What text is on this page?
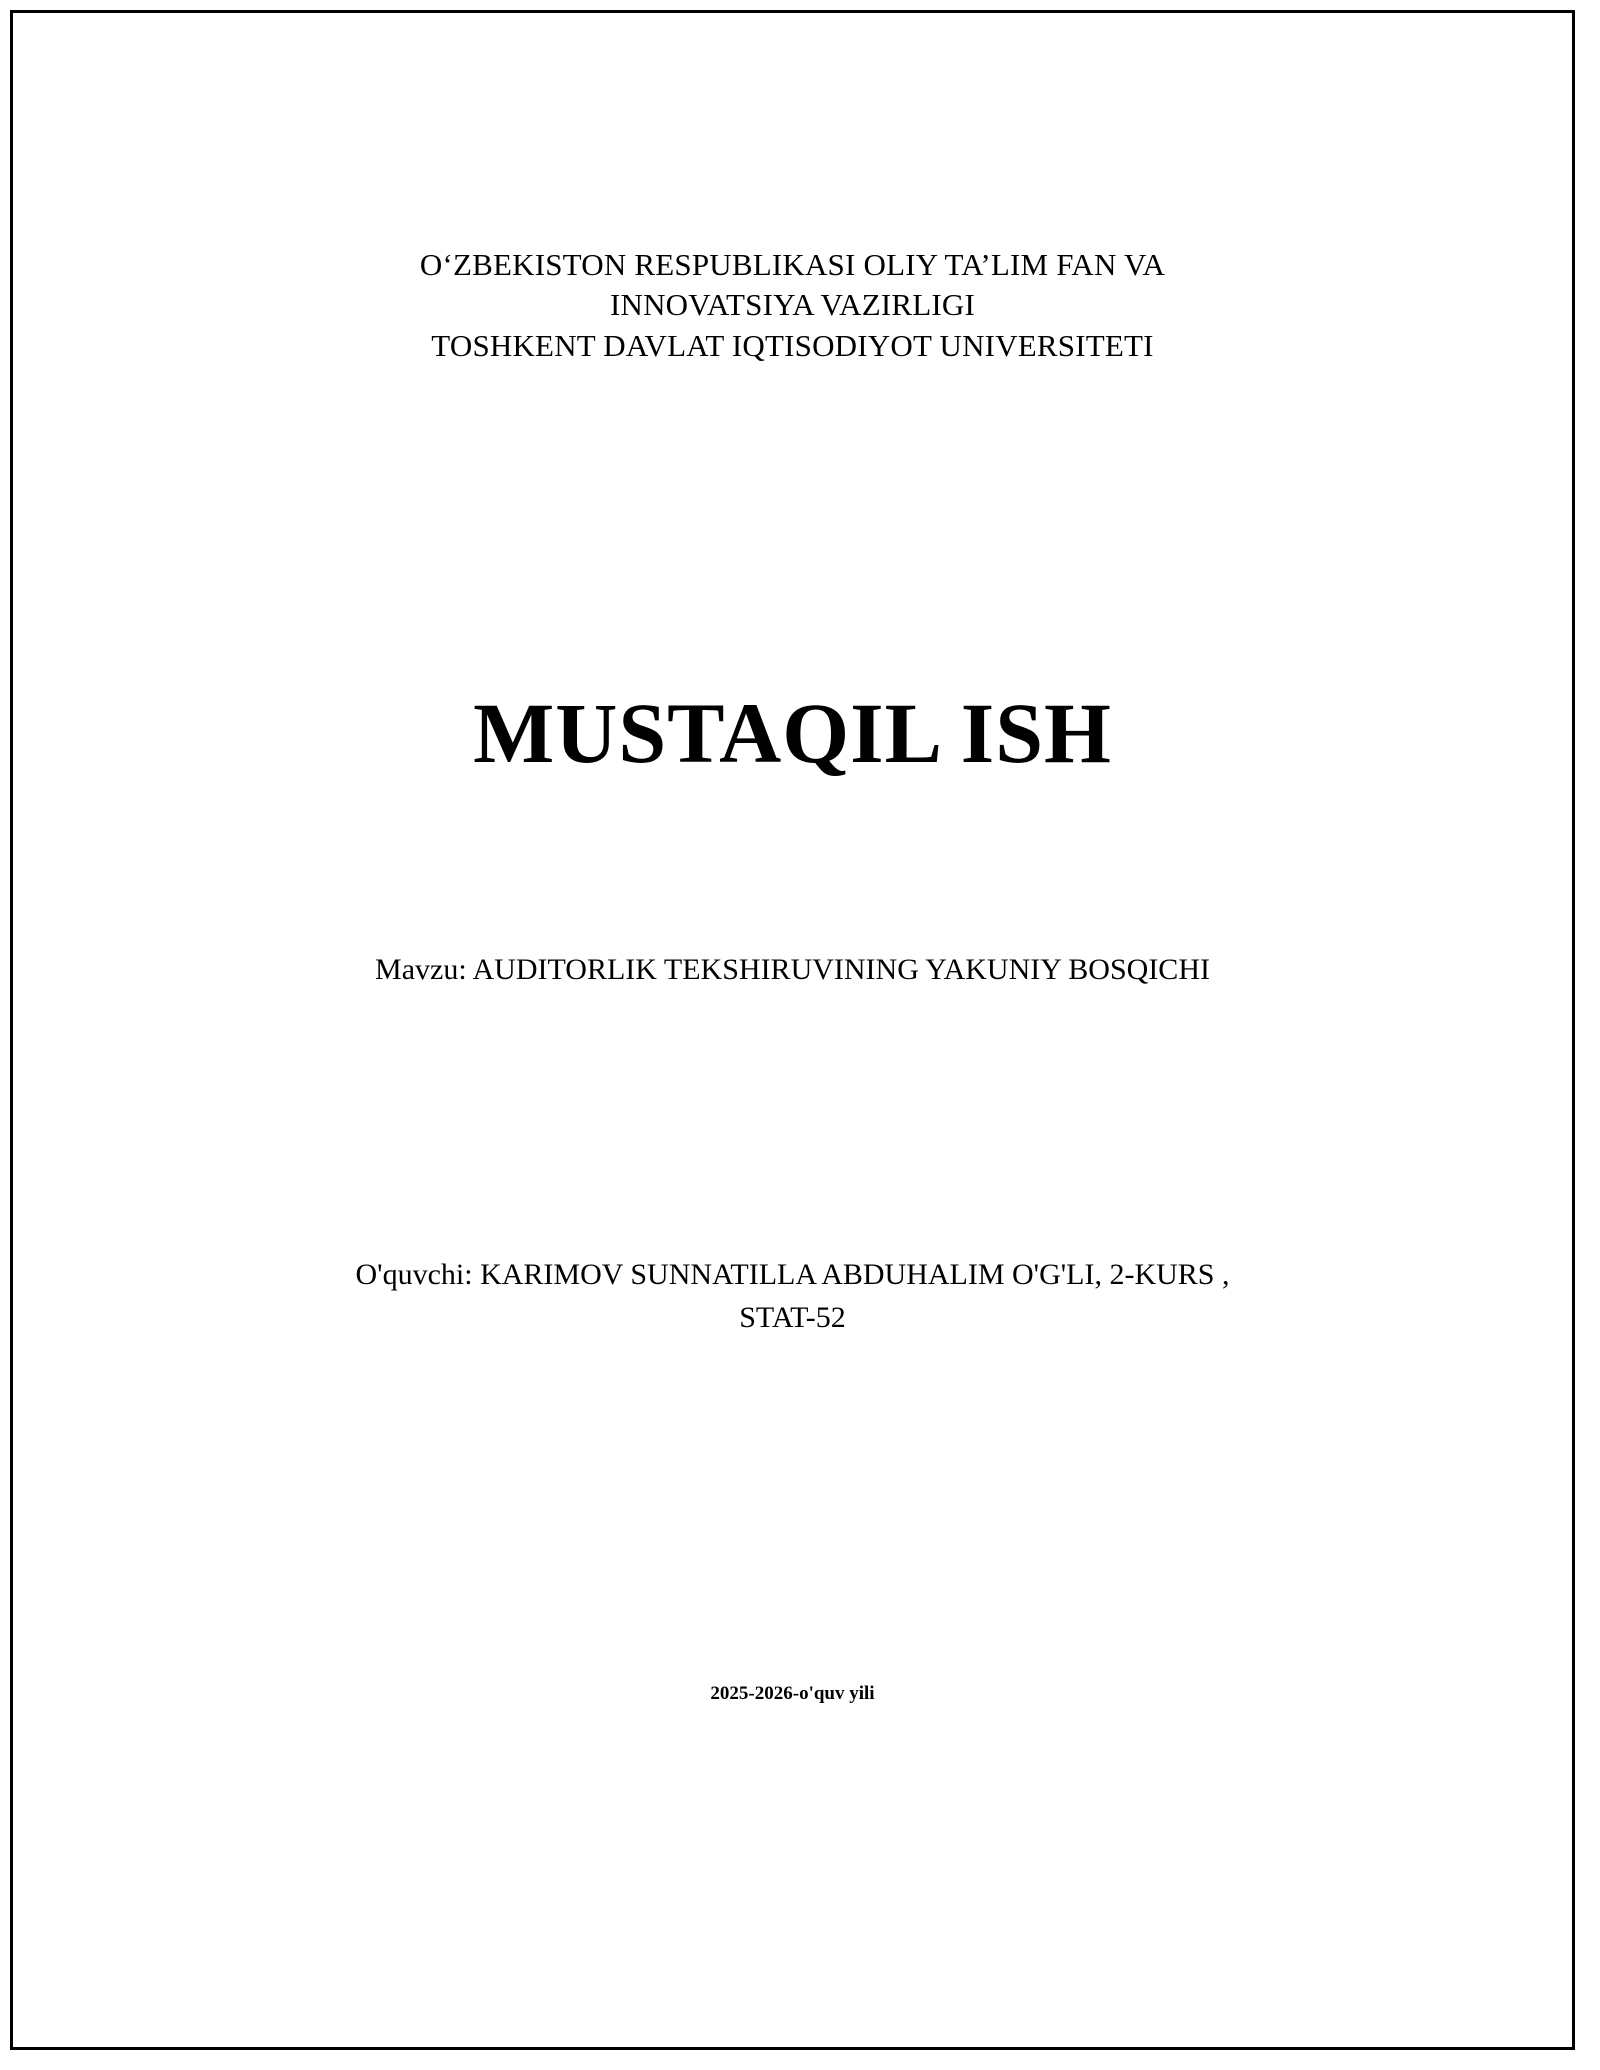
O‘ZBEKISTON RESPUBLIKASI OLIY TA’LIM FAN VA
INNOVATSIYA VAZIRLIGI
TOSHKENT DAVLAT IQTISODIYOT UNIVERSITETI
MUSTAQIL ISH
Mavzu: AUDITORLIK TEKSHIRUVINING YAKUNIY BOSQICHI
O'quvchi: KARIMOV SUNNATILLA ABDUHALIM O'G'LI, 2-KURS ,
STAT-52
2025-2026-o'quv yili
